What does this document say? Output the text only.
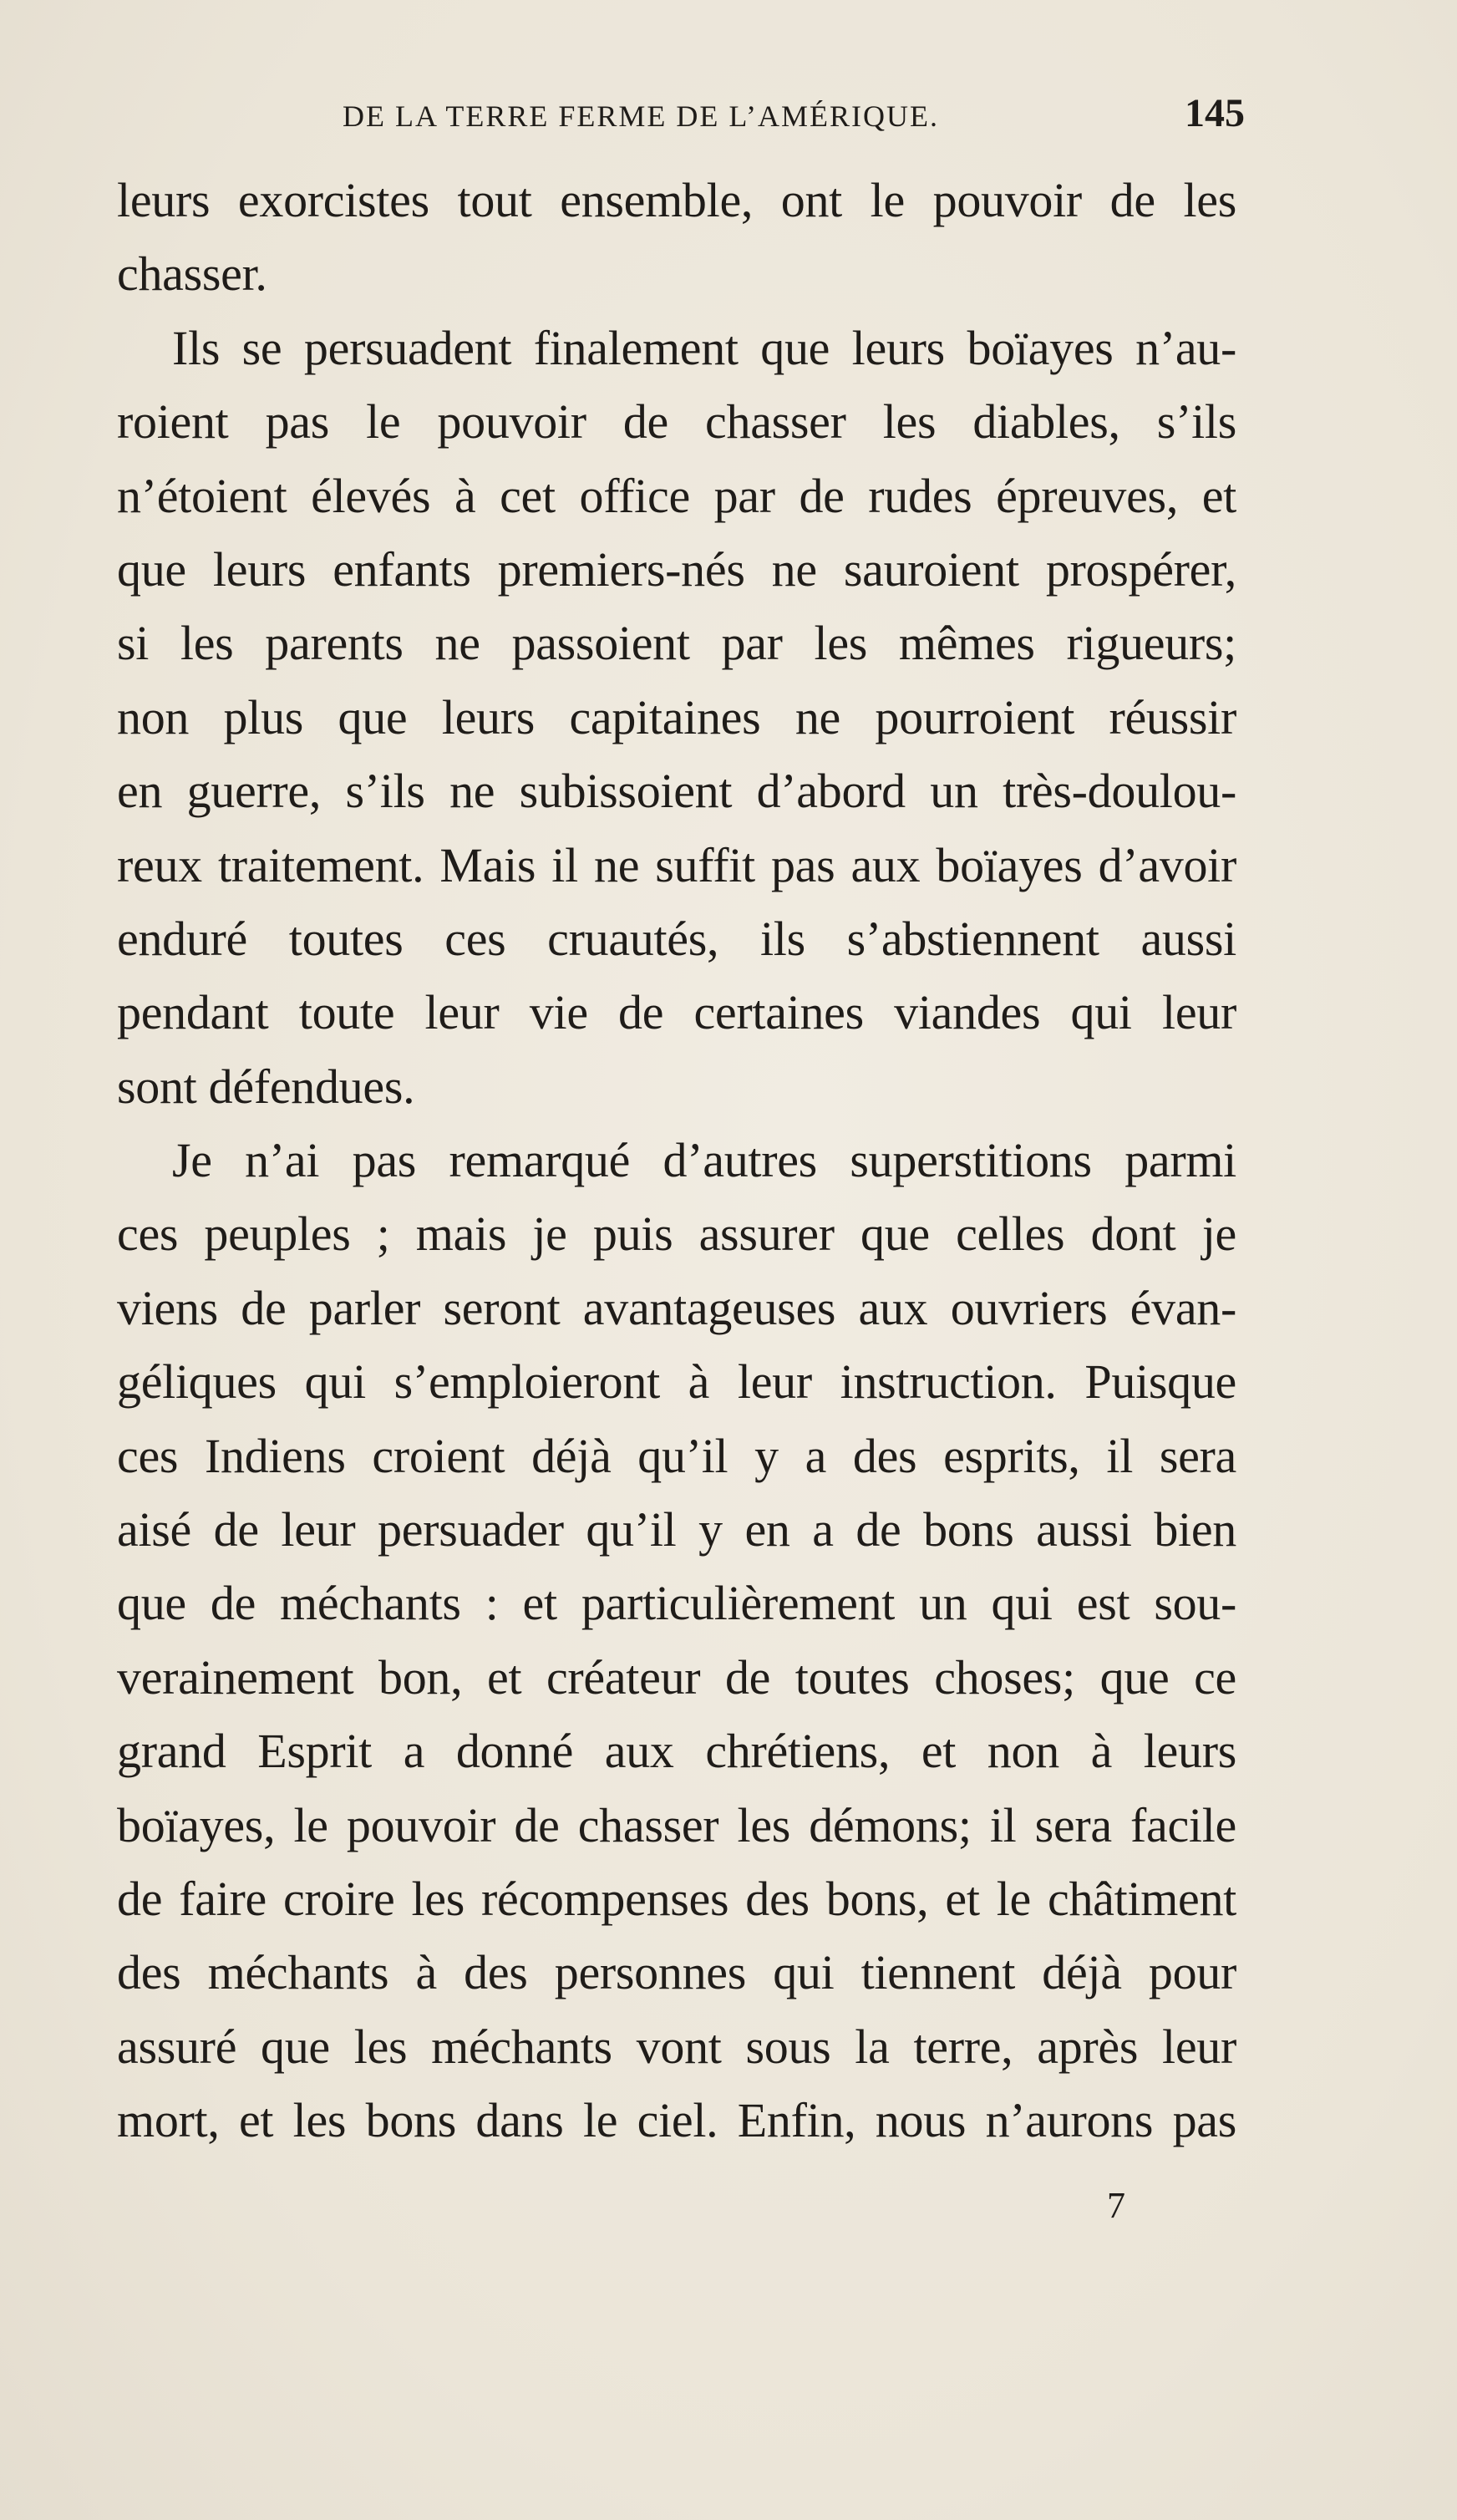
DE LA TERRE FERME DE L’AMÉRIQUE.	145
leurs exorcistes tout ensemble, ont le pouvoir de les
chasser.
Ils se persuadent finalement que leurs boïayes n’au-
roient pas le pouvoir de chasser les diables, s’ils
n’étoient élevés à cet office par de rudes épreuves, et
que leurs enfants premiers-nés ne sauroient prospérer,
si les parents ne passoient par les mêmes rigueurs;
non plus que leurs capitaines ne pourroient réussir
en guerre, s’ils ne subissoient d’abord un très-doulou-
reux traitement. Mais il ne suffit pas aux boïayes d’avoir
enduré toutes ces cruautés, ils s’abstiennent aussi
pendant toute leur vie de certaines viandes qui leur
sont défendues.
Je n’ai pas remarqué d’autres superstitions parmi
ces peuples ; mais je puis assurer que celles dont je
viens de parler seront avantageuses aux ouvriers évan-
géliques qui s’emploieront à leur instruction. Puisque
ces Indiens croient déjà qu’il y a des esprits, il sera
aisé de leur persuader qu’il y en a de bons aussi bien
que de méchants : et particulièrement un qui est sou-
verainement bon, et créateur de toutes choses; que ce
grand Esprit a donné aux chrétiens, et non à leurs
boïayes, le pouvoir de chasser les démons; il sera facile
de faire croire les récompenses des bons, et le châtiment
des méchants à des personnes qui tiennent déjà pour
assuré que les méchants vont sous la terre, après leur
mort, et les bons dans le ciel. Enfin, nous n’aurons pas
7
